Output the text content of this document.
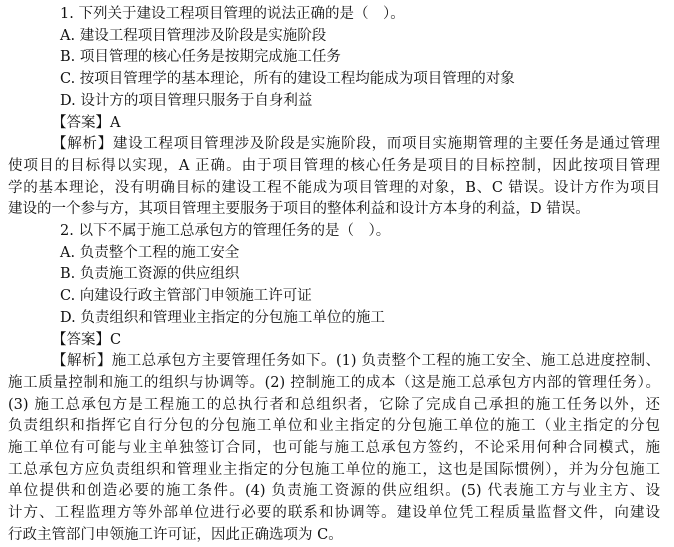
1. 下列关于建设工程项目管理的说法正确的是（　）。
A. 建设工程项目管理涉及阶段是实施阶段
B. 项目管理的核心任务是按期完成施工任务
C. 按项目管理学的基本理论，所有的建设工程均能成为项目管理的对象
D. 设计方的项目管理只服务于自身利益
【答案】A
【解析】建设工程项目管理涉及阶段是实施阶段，而项目实施期管理的主要任务是通过管理
使项目的目标得以实现，A 正确。由于项目管理的核心任务是项目的目标控制，因此按项目管理
学的基本理论，没有明确目标的建设工程不能成为项目管理的对象，B、C 错误。设计方作为项目
建设的一个参与方，其项目管理主要服务于项目的整体利益和设计方本身的利益，D 错误。
2. 以下不属于施工总承包方的管理任务的是（　）。
A. 负责整个工程的施工安全
B. 负责施工资源的供应组织
C. 向建设行政主管部门申领施工许可证
D. 负责组织和管理业主指定的分包施工单位的施工
【答案】C
【解析】施工总承包方主要管理任务如下。(1) 负责整个工程的施工安全、施工总进度控制、
施工质量控制和施工的组织与协调等。(2) 控制施工的成本（这是施工总承包方内部的管理任务）。
(3) 施工总承包方是工程施工的总执行者和总组织者，它除了完成自己承担的施工任务以外，还
负责组织和指挥它自行分包的分包施工单位和业主指定的分包施工单位的施工（业主指定的分包
施工单位有可能与业主单独签订合同，也可能与施工总承包方签约，不论采用何种合同模式，施
工总承包方应负责组织和管理业主指定的分包施工单位的施工，这也是国际惯例），并为分包施工
单位提供和创造必要的施工条件。(4) 负责施工资源的供应组织。(5) 代表施工方与业主方、设
计方、工程监理方等外部单位进行必要的联系和协调等。建设单位凭工程质量监督文件，向建设
行政主管部门申领施工许可证，因此正确选项为 C。
